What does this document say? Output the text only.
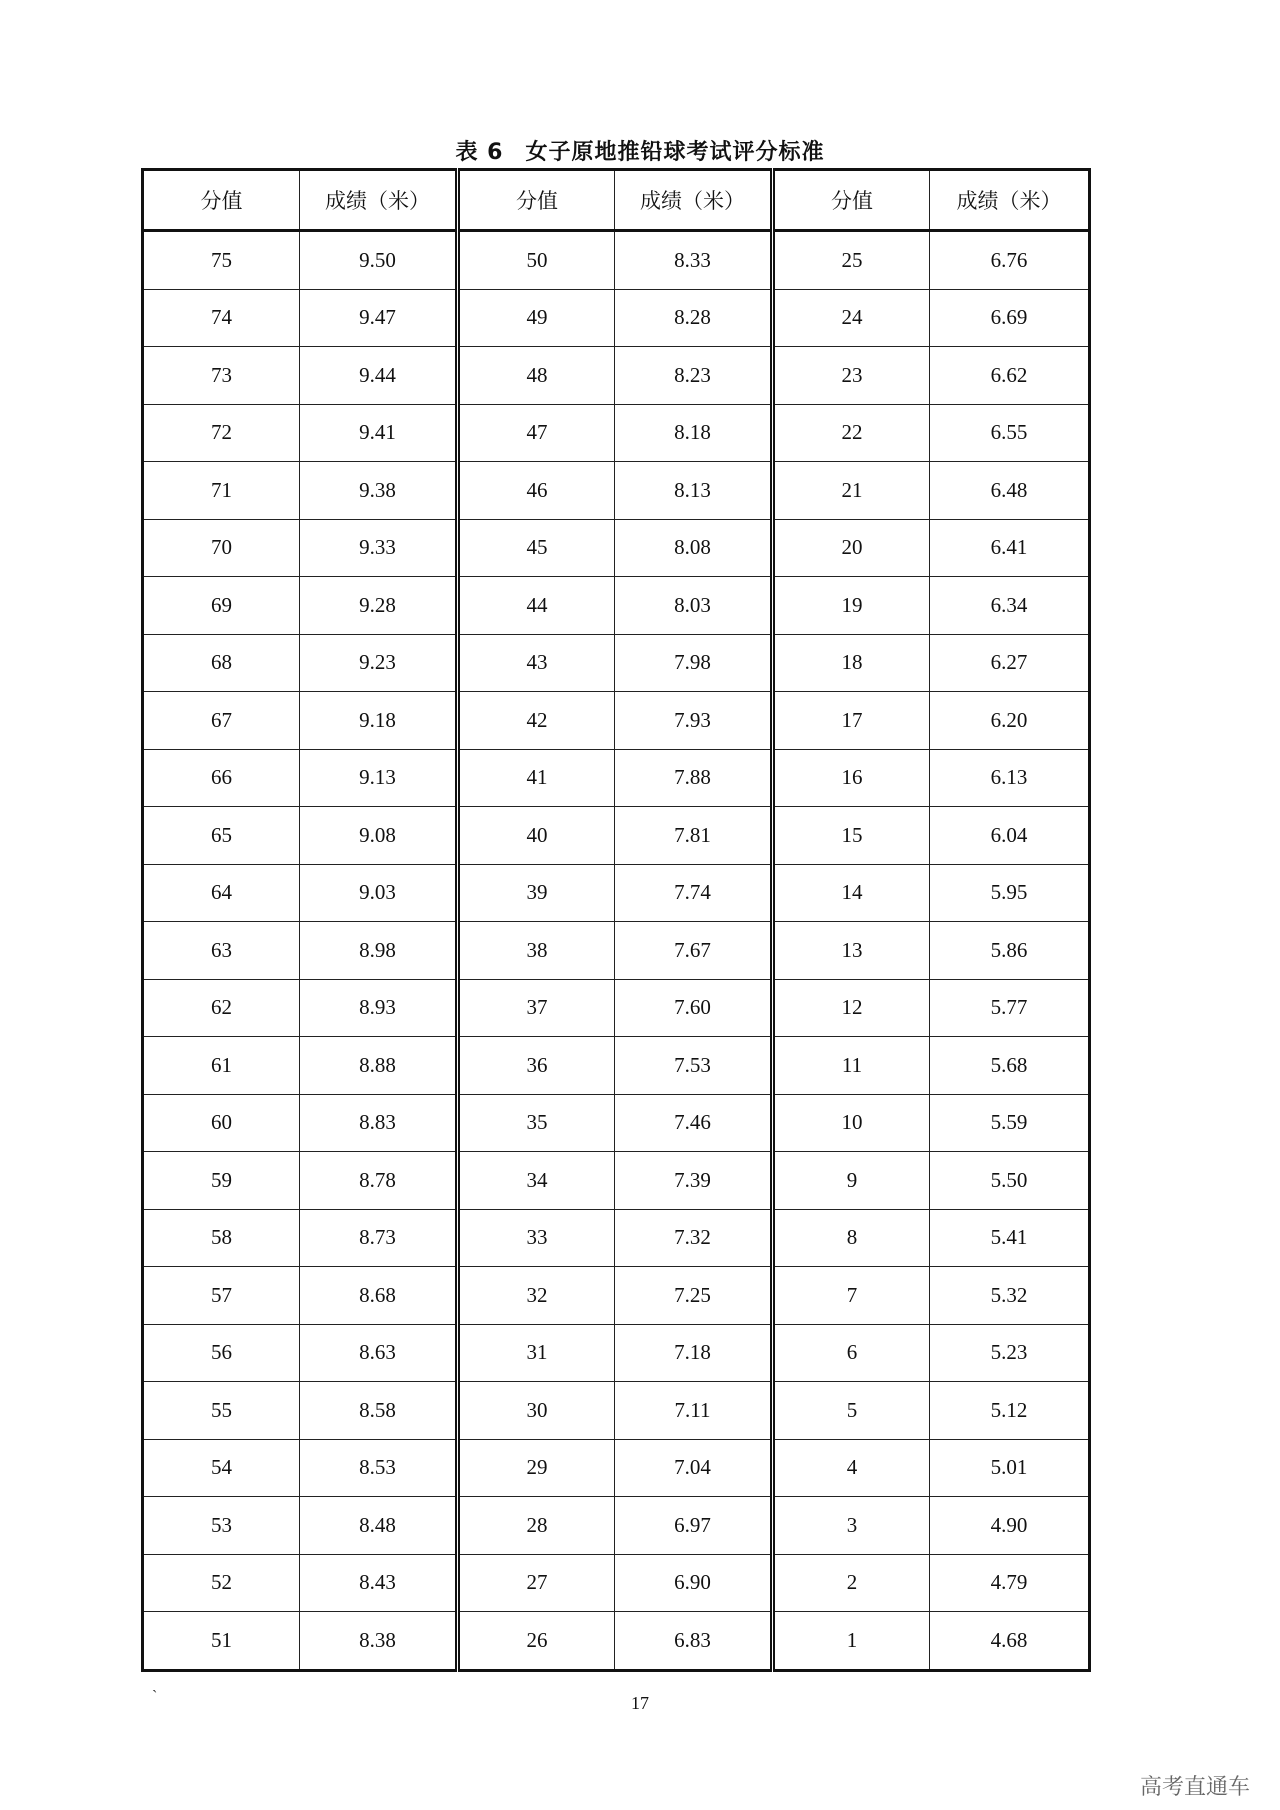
表 6 女子原地推铅球考试评分标准
分值	成绩（米）	分值	成绩（米）	分值	成绩（米）
75	9.50	50	8.33	25	6.76
74	9.47	49	8.28	24	6.69
73	9.44	48	8.23	23	6.62
72	9.41	47	8.18	22	6.55
71	9.38	46	8.13	21	6.48
70	9.33	45	8.08	20	6.41
69	9.28	44	8.03	19	6.34
68	9.23	43	7.98	18	6.27
67	9.18	42	7.93	17	6.20
66	9.13	41	7.88	16	6.13
65	9.08	40	7.81	15	6.04
64	9.03	39	7.74	14	5.95
63	8.98	38	7.67	13	5.86
62	8.93	37	7.60	12	5.77
61	8.88	36	7.53	11	5.68
60	8.83	35	7.46	10	5.59
59	8.78	34	7.39	9	5.50
58	8.73	33	7.32	8	5.41
57	8.68	32	7.25	7	5.32
56	8.63	31	7.18	6	5.23
55	8.58	30	7.11	5	5.12
54	8.53	29	7.04	4	5.01
53	8.48	28	6.97	3	4.90
52	8.43	27	6.90	2	4.79
51	8.38	26	6.83	1	4.68
`	17
高考直通车
